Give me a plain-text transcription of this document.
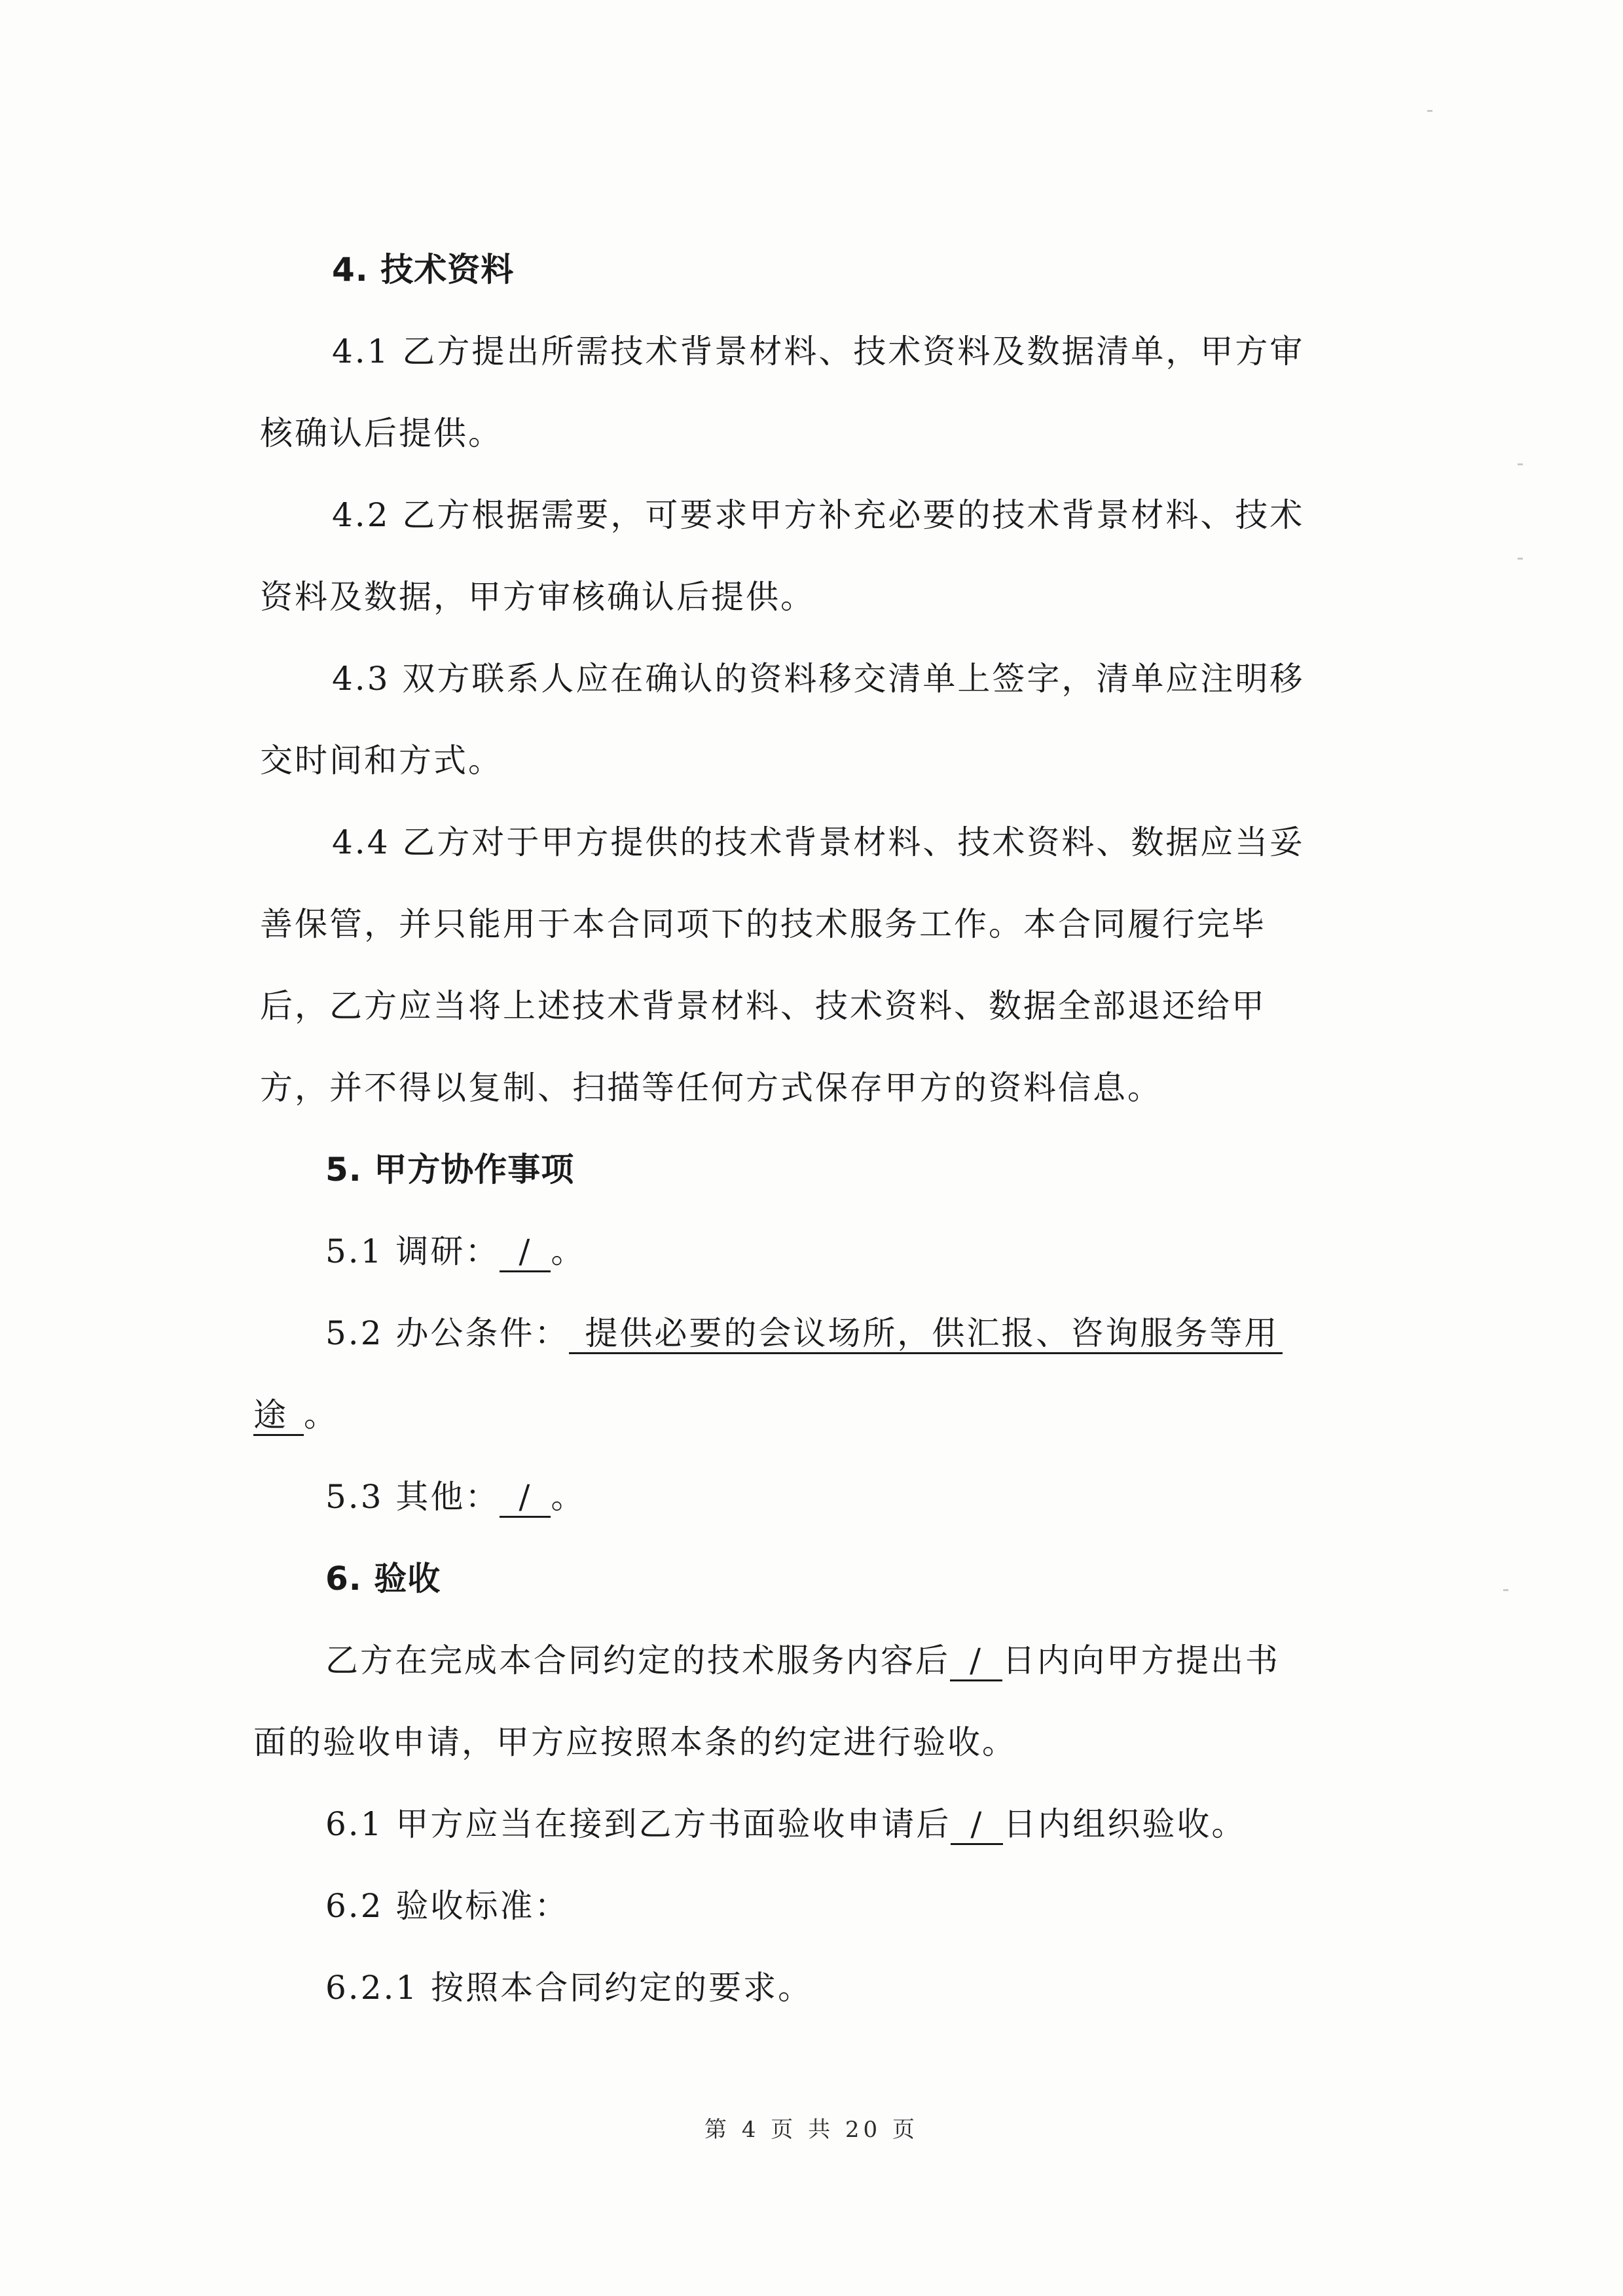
4. 技术资料
4.1 乙方提出所需技术背景材料、技术资料及数据清单，甲方审
核确认后提供。
4.2 乙方根据需要，可要求甲方补充必要的技术背景材料、技术
资料及数据，甲方审核确认后提供。
4.3 双方联系人应在确认的资料移交清单上签字，清单应注明移
交时间和方式。
4.4 乙方对于甲方提供的技术背景材料、技术资料、数据应当妥
善保管，并只能用于本合同项下的技术服务工作。本合同履行完毕
后，乙方应当将上述技术背景材料、技术资料、数据全部退还给甲
方，并不得以复制、扫描等任何方式保存甲方的资料信息。
5. 甲方协作事项
5.1 调研： / 。
5.2 办公条件： 提供必要的会议场所，供汇报、咨询服务等用
途 。
5.3 其他： / 。
6. 验收
乙方在完成本合同约定的技术服务内容后 / 日内向甲方提出书
面的验收申请，甲方应按照本条的约定进行验收。
6.1 甲方应当在接到乙方书面验收申请后 / 日内组织验收。
6.2 验收标准：
6.2.1 按照本合同约定的要求。
第 4 页 共 20 页
